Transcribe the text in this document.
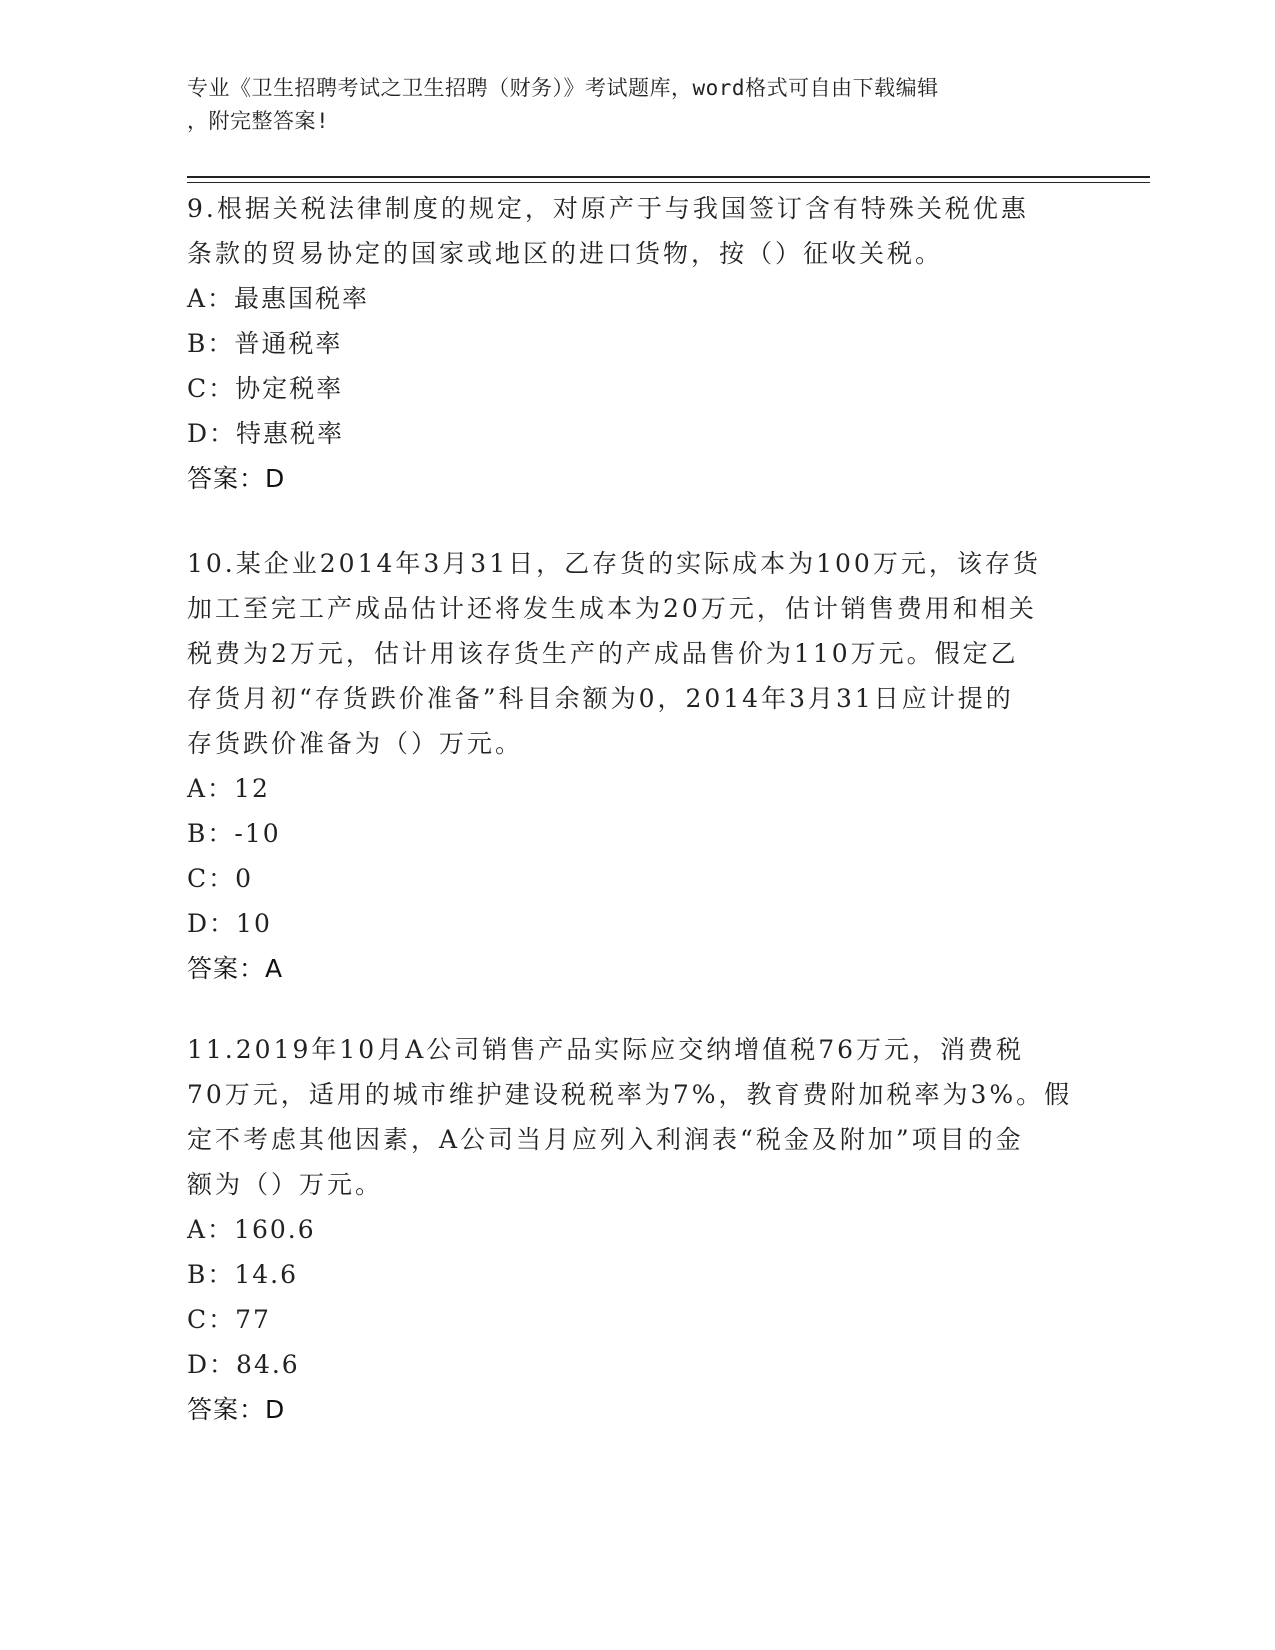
专业《卫生招聘考试之卫生招聘（财务）》考试题库，word格式可自由下载编辑
，附完整答案!

9.根据关税法律制度的规定，对原产于与我国签订含有特殊关税优惠

条款的贸易协定的国家或地区的进口货物，按（）征收关税。

A：最惠国税率

B：普通税率

C：协定税率

D：特惠税率

答案：D

10.某企业2014年3月31日，乙存货的实际成本为100万元，该存货

加工至完工产成品估计还将发生成本为20万元，估计销售费用和相关

税费为2万元，估计用该存货生产的产成品售价为110万元。假定乙

存货月初“存货跌价准备”科目余额为0，2014年3月31日应计提的

存货跌价准备为（）万元。

A：12

B：-10

C：0

D：10

答案：A

11.2019年10月A公司销售产品实际应交纳增值税76万元，消费税

70万元，适用的城市维护建设税税率为7%，教育费附加税率为3%。假

定不考虑其他因素，A公司当月应列入利润表“税金及附加”项目的金

额为（）万元。

A：160.6

B：14.6

C：77

D：84.6

答案：D
